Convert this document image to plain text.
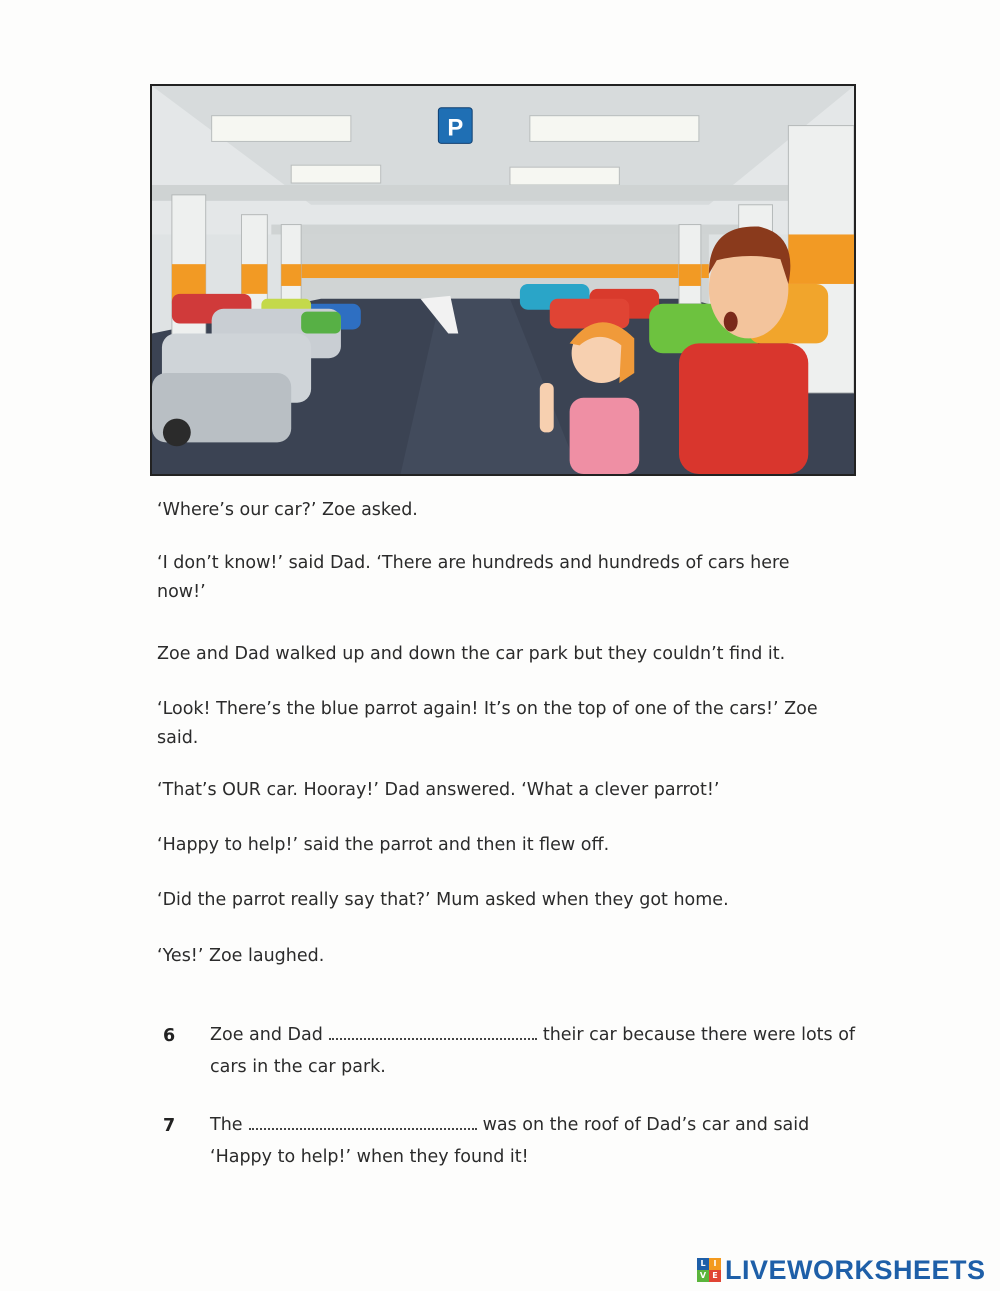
P

‘Where’s our car?’ Zoe asked.

‘I don’t know!’ said Dad. ‘There are hundreds and hundreds of cars here now!’

Zoe and Dad walked up and down the car park but they couldn’t find it.

‘Look! There’s the blue parrot again! It’s on the top of one of the cars!’ Zoe said.

‘That’s OUR car. Hooray!’ Dad answered. ‘What a clever parrot!’

‘Happy to help!’ said the parrot and then it flew off.

‘Did the parrot really say that?’ Mum asked when they got home.

‘Yes!’ Zoe laughed.

6 Zoe and Dad	their car because there were lots of cars in the car park.
7 The	was on the roof of Dad’s car and said ‘Happy to help!’ when they found it!
L I
V E LIVEWORKSHEETS
